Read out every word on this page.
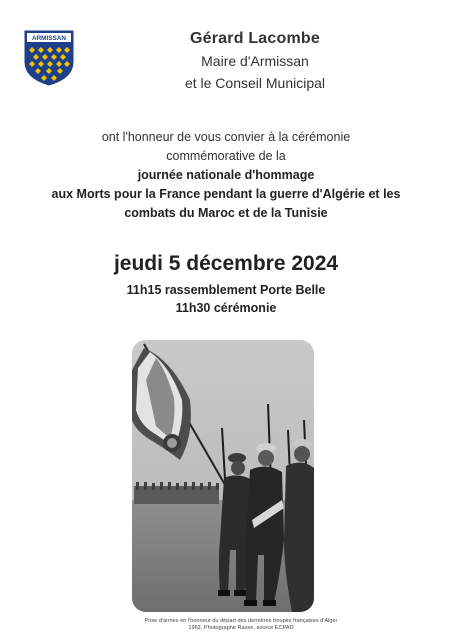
ARMISSAN	Gérard Lacombe
Maire d'Armissan
et le Conseil Municipal
ont l'honneur de vous convier à la cérémonie
commémorative de la
journée nationale d'hommage
aux Morts pour la France pendant la guerre d'Algérie et les
combats du Maroc et de la Tunisie
jeudi 5 décembre 2024
11h15 rassemblement Porte Belle
11h30 cérémonie
Prise d'armes en l'honneur du départ des dernières troupes françaises d'Alger
1962. Photographe Rasse, source ECPAD
